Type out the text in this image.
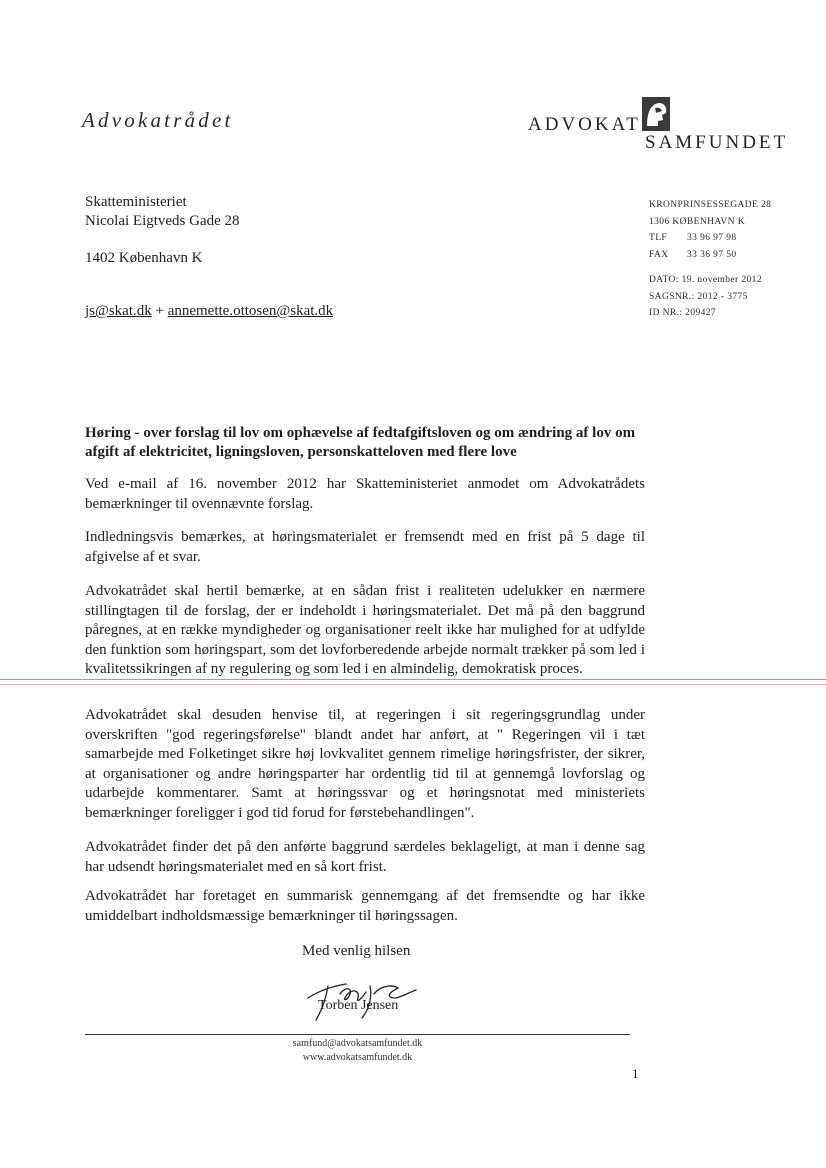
Advokatrådet	ADVOKAT
SAMFUNDET
Skatteministeriet
Nicolai Eigtveds Gade 28
1402 København K
js@skat.dk + annemette.ottosen@skat.dk
KRONPRINSESSEGADE 28
1306 KØBENHAVN K
TLF 33 96 97 98
FAX 33 36 97 50
DATO: 19. november 2012
SAGSNR.: 2012 - 3775
ID NR.: 209427
Høring - over forslag til lov om ophævelse af fedtafgiftsloven og om ændring af lov om afgift af elektricitet, ligningsloven, personskatteloven med flere love
Ved e-mail af 16. november 2012 har Skatteministeriet anmodet om Advokatrådets bemærkninger til ovennævnte forslag.
Indledningsvis bemærkes, at høringsmaterialet er fremsendt med en frist på 5 dage til afgivelse af et svar.
Advokatrådet skal hertil bemærke, at en sådan frist i realiteten udelukker en nærmere stillingtagen til de forslag, der er indeholdt i høringsmaterialet. Det må på den baggrund påregnes, at en række myndigheder og organisationer reelt ikke har mulighed for at udfylde den funktion som høringspart, som det lovforberedende arbejde normalt trækker på som led i kvalitetssikringen af ny regulering og som led i en almindelig, demokratisk proces.
Advokatrådet skal desuden henvise til, at regeringen i sit regeringsgrundlag under overskriften "god regeringsførelse" blandt andet har anført, at " Regeringen vil i tæt samarbejde med Folketinget sikre høj lovkvalitet gennem rimelige høringsfrister, der sikrer, at organisationer og andre høringsparter har ordentlig tid til at gennemgå lovforslag og udarbejde kommentarer. Samt at høringssvar og et høringsnotat med ministeriets bemærkninger foreligger i god tid forud for førstebehandlingen".
Advokatrådet finder det på den anførte baggrund særdeles beklageligt, at man i denne sag har udsendt høringsmaterialet med en så kort frist.
Advokatrådet har foretaget en summarisk gennemgang af det fremsendte og har ikke umiddelbart indholdsmæssige bemærkninger til høringssagen.
Med venlig hilsen
Torben Jensen
samfund@advokatsamfundet.dk
www.advokatsamfundet.dk
1
